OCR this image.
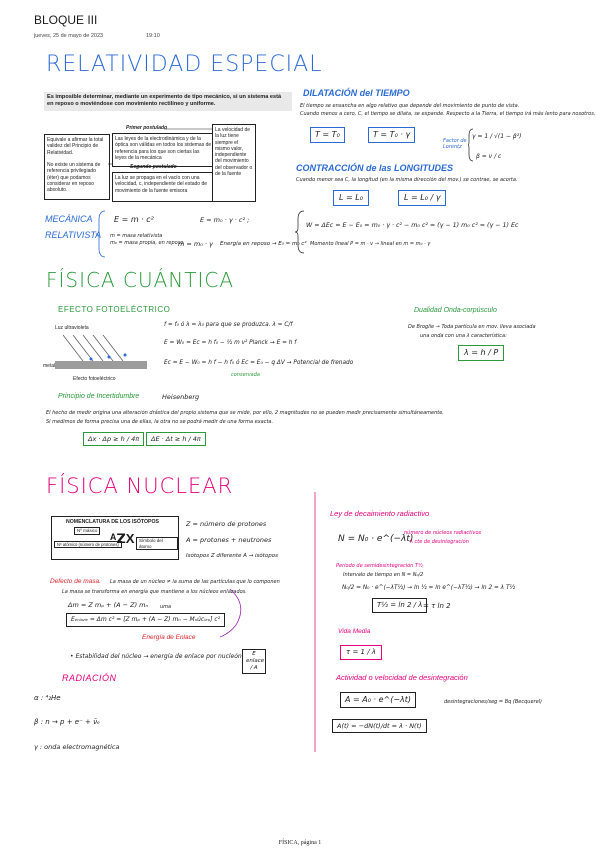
BLOQUE III
jueves, 25 de mayo de 2023	19:10
RELATIVIDAD ESPECIAL
Es imposible determinar, mediante un experimento de tipo mecánico, si un sistema está en reposo o moviéndose con movimiento rectilíneo y uniforme.
Equivale a afirmar la total validez del Principio de Relatividad.

No existe un sistema de referencia privilegiado (éter) que podamos considerar en reposo absoluto.
Primer postulado
Las leyes de la electrodinámica y de la óptica son válidas en todos los sistemas de referencia para los que son ciertas las leyes de la mecánica
Segundo postulado
La luz se propaga en el vacío con una velocidad, c, independiente del estado de movimiento de la fuente emisora
La velocidad de la luz tiene siempre el mismo valor, independiente del movimiento del observador o de la fuente
DILATACIÓN del TIEMPO
El tiempo se ensancha en algo relativo que depende del movimiento de punto de vista.
Cuando menos a cero, C, el tiempo se dilata, se expande. Respecto a la Tierra, el tiempo irá más lento para nosotros.
T = T₀	T = T₀ · γ
Factor de Lorentz
γ = 1 / √(1 − β²)
β = v / c
CONTRACCIÓN de las LONGITUDES
Cuando menor sea C, la longitud (en la misma dirección del mov.) se contrae, se acorta.
L = L₀	L = L₀ / γ
MECÁNICA
RELATIVISTA
E = m · c²	E = m₀ · γ · c² ;
m = masa relativista
m₀ = masa propia, en reposo
m = m₀ · γ Energía en reposo → E₀ = m₀ c²
W = ΔEc = E − E₀ = m₀ · γ · c² − m₀ c² = (γ − 1) m₀ c² = (γ − 1) Ec
Momento lineal P = m · v → lineal en m = m₀ · γ
FÍSICA CUÁNTICA
EFECTO FOTOELÉCTRICO
Luz ultravioleta
metal
Efecto fotoeléctrico
f = f₀ ó λ = λ₀ para que se produzca. λ = C/f
E = W₀ = Ec = h f₀ − ½ m v² Planck → E = h f
Ec = E − W₀ = h f − h f₀ ó Ec = E₀ − q ΔV → Potencial de frenado
conservada
Dualidad Onda-corpúsculo
De Broglie → Toda partícula en mov. lleva asociada
una onda con una λ característica:
λ = h / P
Principio de Incertidumbre	Heisenberg
El hecho de medir origina una alteración drástica del propio sistema que se mide, por ello, 2 magnitudes no se pueden medir precisamente simultáneamente.
Si medimos de forma precisa una de ellas, la otra no se podrá medir de una forma exacta.
Δx · Δp ≥ h / 4π	ΔE · Δt ≥ h / 4π
FÍSICA NUCLEAR
NOMENCLATURA DE LOS ISÓTOPOS
Nº másico
Nº atómico (número de protones)
ᴬ𝗭X	Símbolo del átomo
Z = número de protones
A = protones + neutrones
Isótopos Z diferente A → isótopos
Defecto de masa. La masa de un núcleo ≠ la suma de las partículas que lo componen
La masa se transforma en energía que mantiene a los núcleos enlazados.
Δm = Z mₚ + (A − Z) mₙ uma
Eₑₙₗₐ𝒸ₑ = Δm c² = [Z mₚ + (A − Z) mₙ − Mₙúcₗₑₒ] c²
Energía de Enlace
• Estabilidad del núcleo → energía de enlace por nucleón	E enlace / A
RADIACIÓN
α : ⁴₂He
β : n → p + e⁻ + ν̄ₑ
γ : onda electromagnética
Ley de decaimiento radiactivo
N = N₀ · e^(−λt)
número de núcleos radiactivos
λ cte de desintegración
Periodo de semidesintegración T½
Intervalo de tiempo en N = N₀/2
N₀/2 = N₀ · e^(−λT½) → ln ½ = ln e^(−λT½) → ln 2 = λ T½
T½ = ln 2 / λ = τ ln 2
Vida Media
τ = 1 / λ
Actividad o velocidad de desintegración
A = A₀ · e^(−λt)	desintegraciones/seg = Bq (Becquerel)
A(t) = −dN(t)/dt = λ · N(t)
FÍSICA, página 1
